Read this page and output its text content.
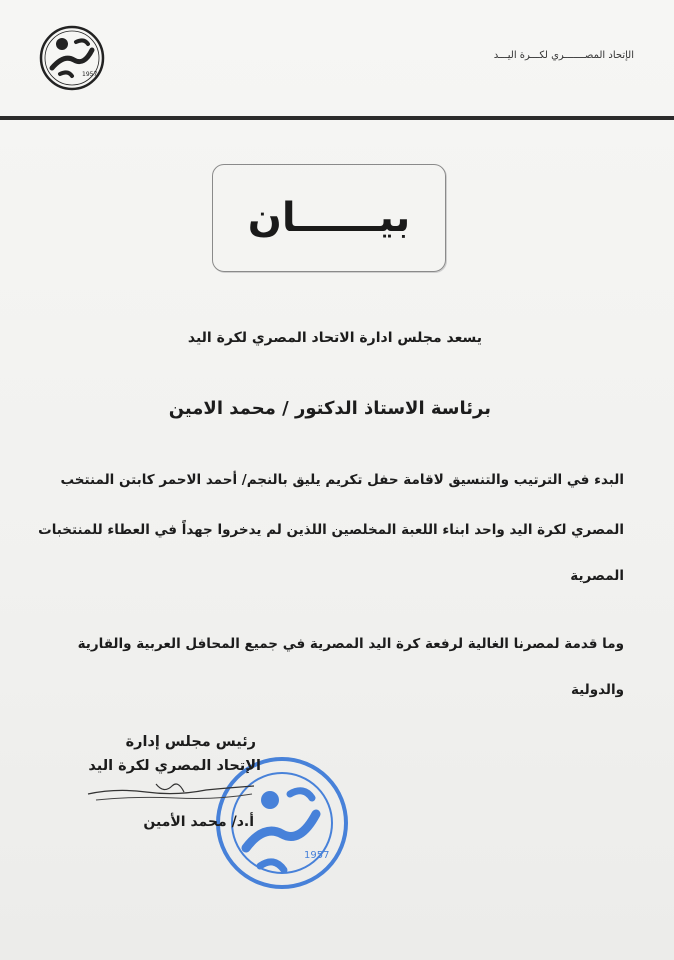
1957
الإتحاد المصـــــــري لكـــرة اليـــد
بيــــــان
يسعد مجلس ادارة الاتحاد المصري لكرة اليد
برئاسة الاستاذ الدكتور / محمد الامين
البدء في الترتيب والتنسيق لاقامة حفل تكريم يليق بالنجم/ أحمد الاحمر كابتن المنتخب
المصري لكرة اليد واحد ابناء اللعبة المخلصين اللذين لم يدخروا جهداً في العطاء للمنتخبات
المصرية
وما قدمة لمصرنا الغالية لرفعة كرة اليد المصرية في جميع المحافل العربية والقارية
والدولية
1957
رئيس مجلس إدارة
الإتحاد المصري لكرة اليد
أ.د/ محمد الأمين
